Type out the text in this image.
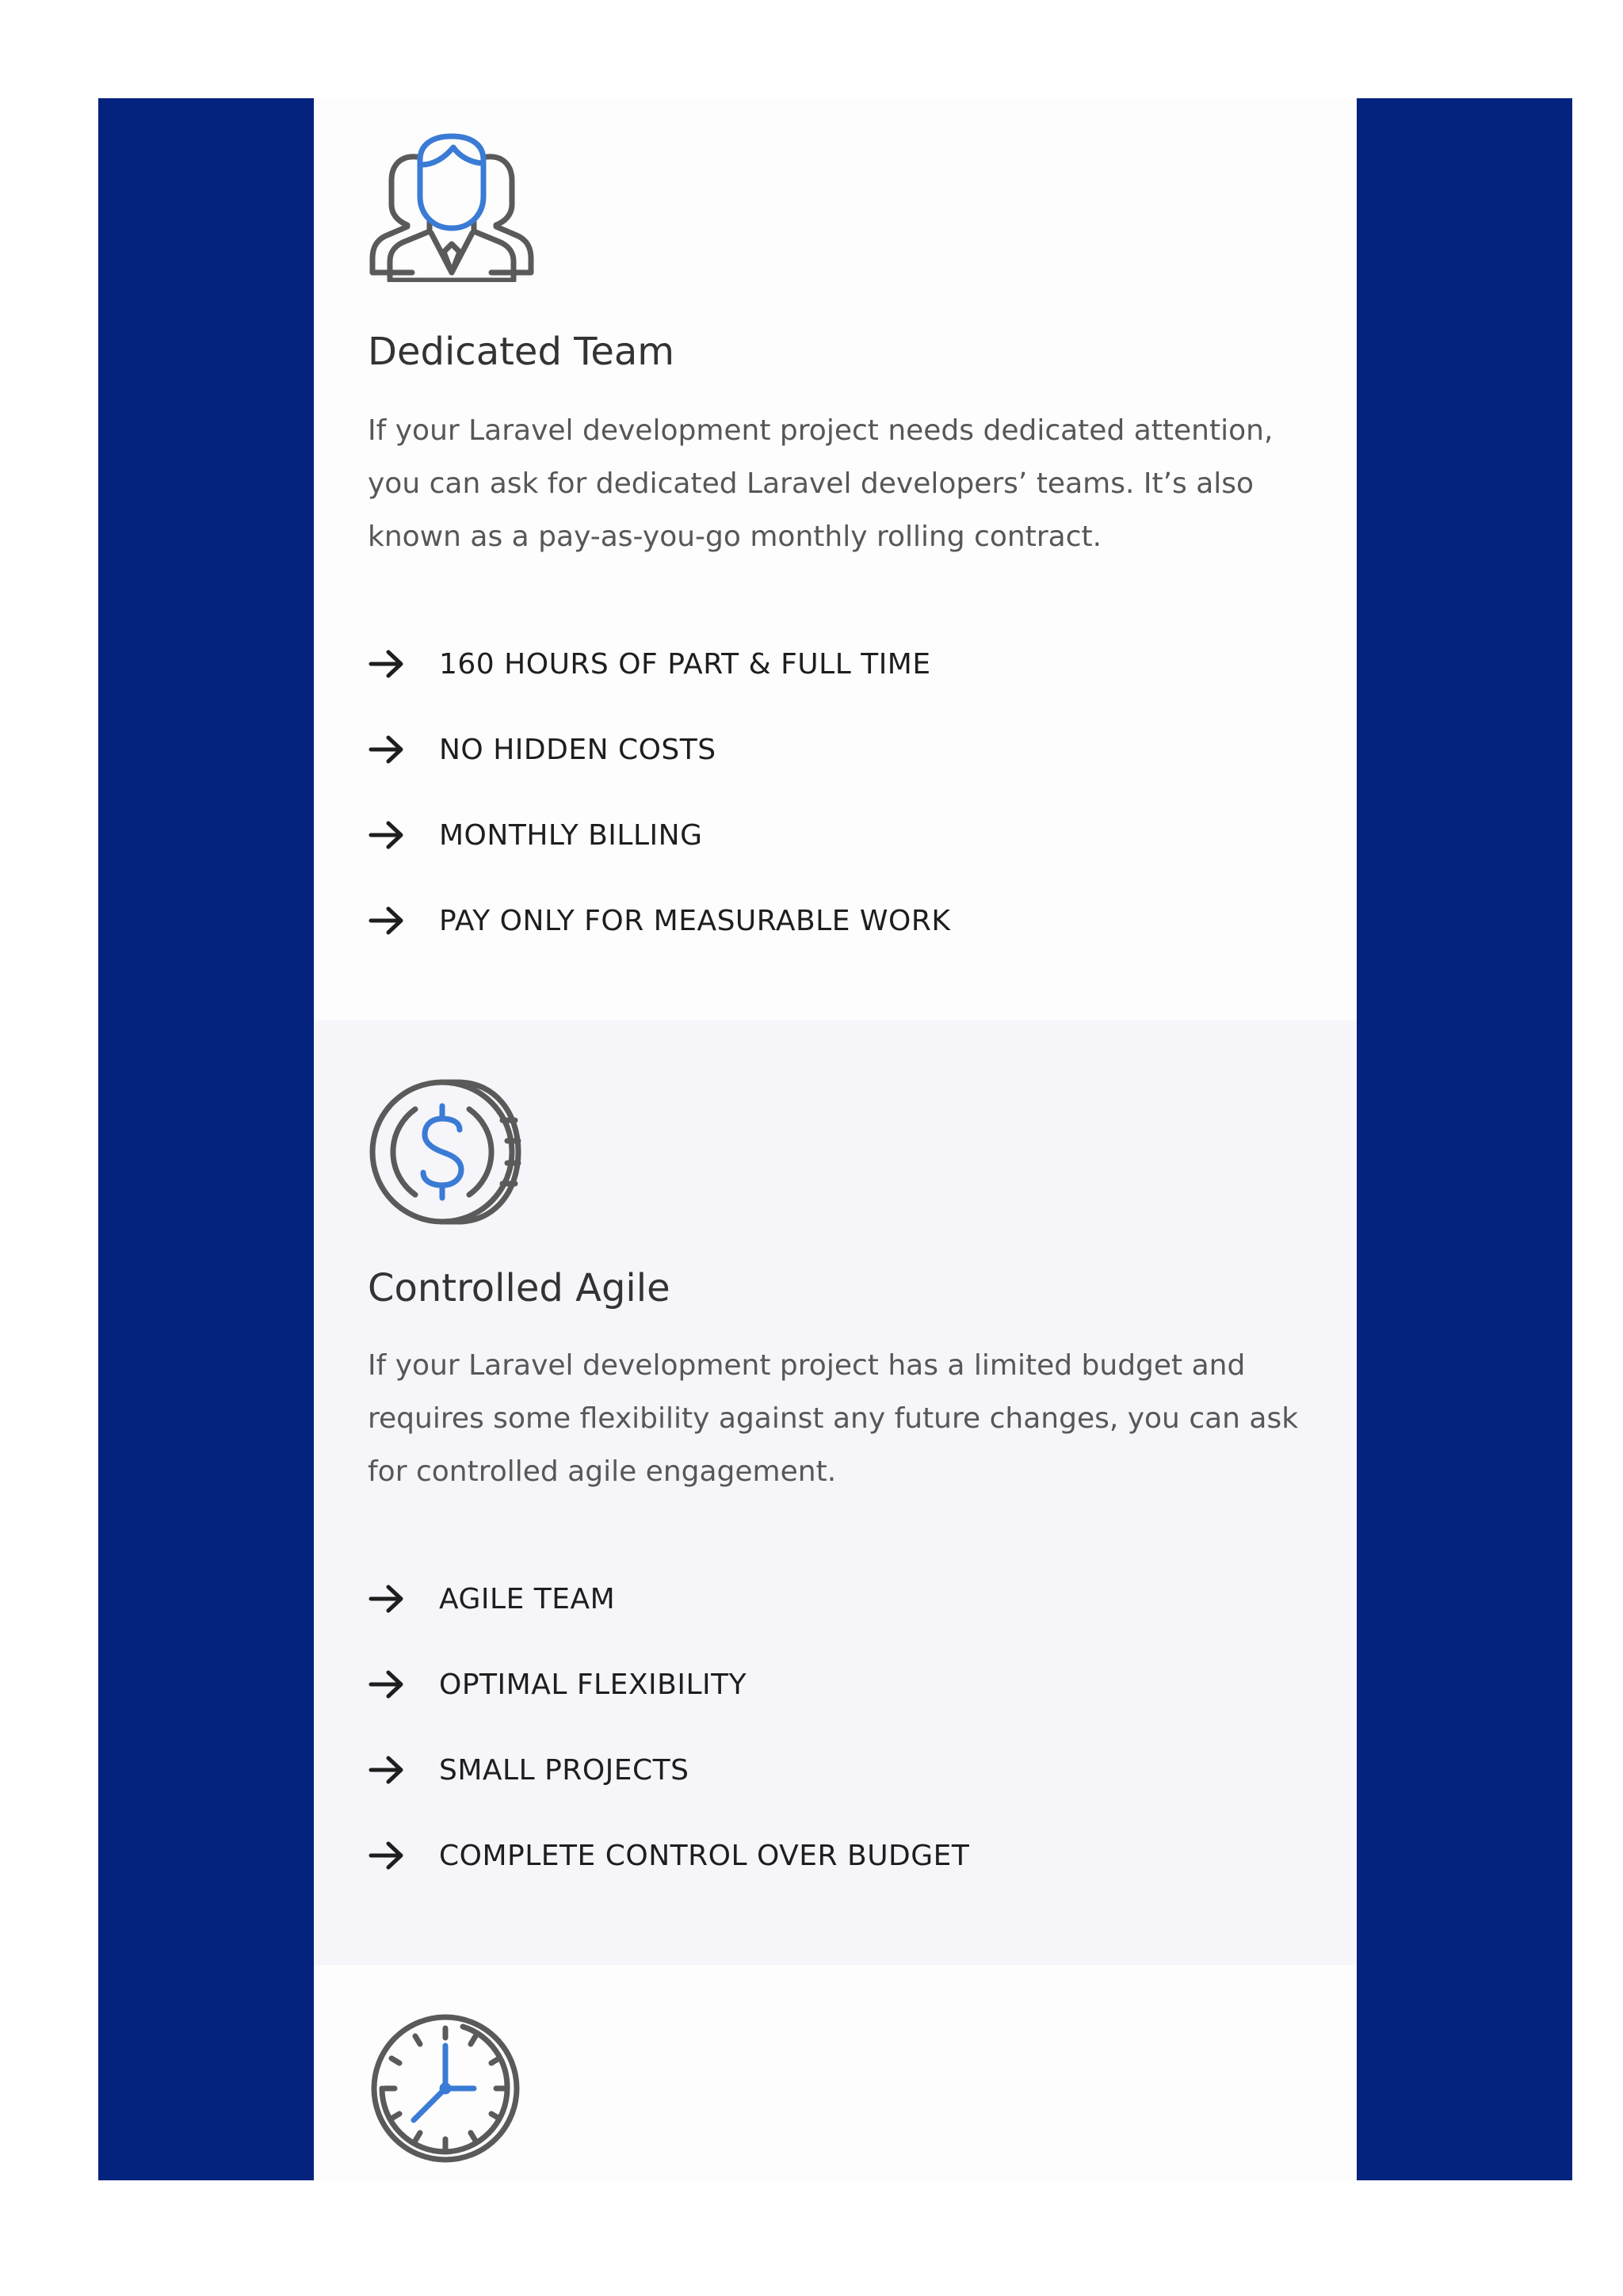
Dedicated Team

If your Laravel development project needs dedicated attention, you can ask for dedicated Laravel developers’ teams. It’s also known as a pay-as-you-go monthly rolling contract.

160 HOURS OF PART & FULL TIME
NO HIDDEN COSTS
MONTHLY BILLING
PAY ONLY FOR MEASURABLE WORK
Controlled Agile

If your Laravel development project has a limited budget and requires some flexibility against any future changes, you can ask for controlled agile engagement.

AGILE TEAM
OPTIMAL FLEXIBILITY
SMALL PROJECTS
COMPLETE CONTROL OVER BUDGET
